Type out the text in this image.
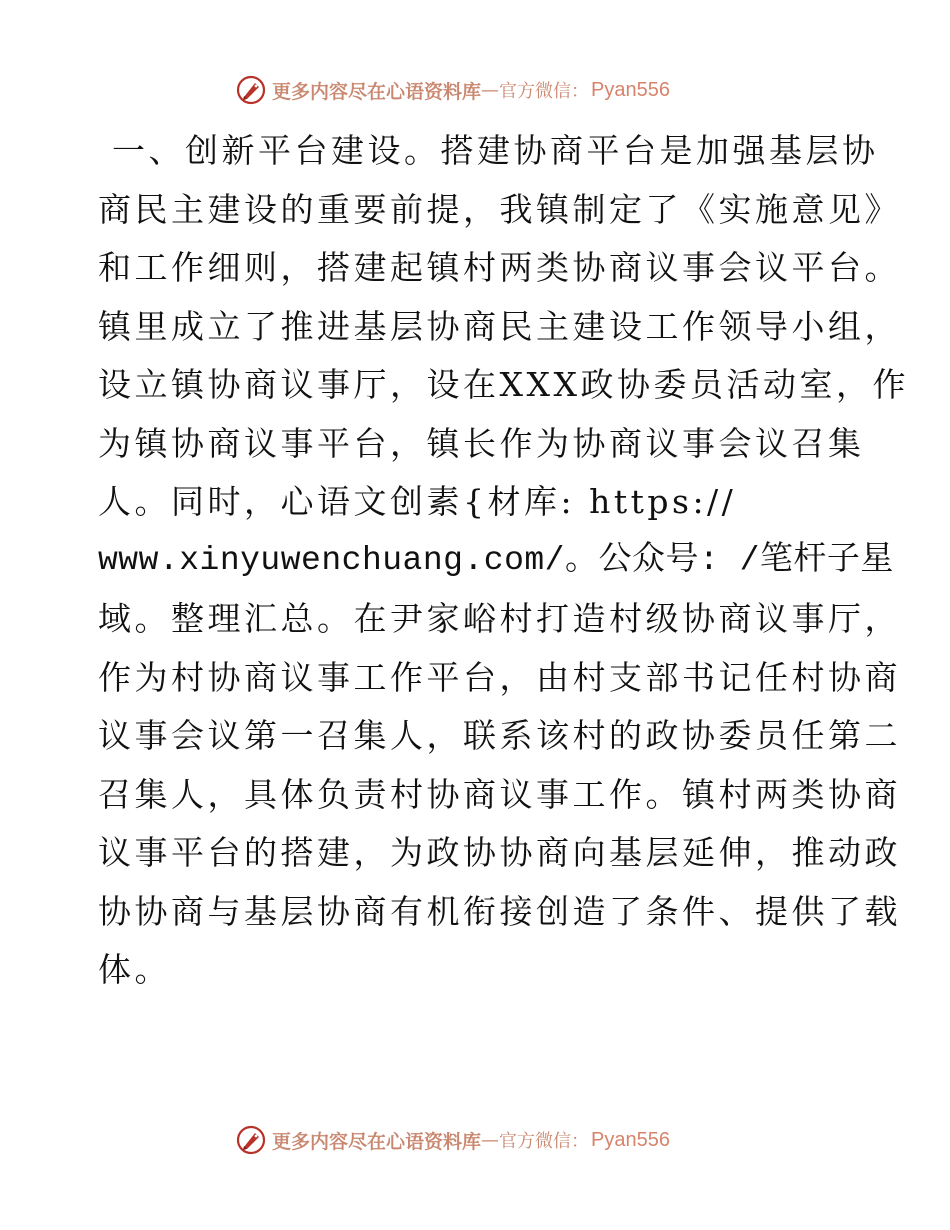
更多内容尽在心语资料库 — 官方微信： Pyan556
一、创新平台建设。搭建协商平台是加强基层协
商民主建设的重要前提，我镇制定了《实施意见》
和工作细则，搭建起镇村两类协商议事会议平台。
镇里成立了推进基层协商民主建设工作领导小组，
设立镇协商议事厅，设在XXX政协委员活动室，作
为镇协商议事平台，镇长作为协商议事会议召集
人。同时，心语文创素{材库: https://
www.xinyuwenchuang.com/。公众号: /笔杆子星
域。整理汇总。在尹家峪村打造村级协商议事厅，
作为村协商议事工作平台，由村支部书记任村协商
议事会议第一召集人，联系该村的政协委员任第二
召集人，具体负责村协商议事工作。镇村两类协商
议事平台的搭建，为政协协商向基层延伸，推动政
协协商与基层协商有机衔接创造了条件、提供了载
体。
更多内容尽在心语资料库 — 官方微信： Pyan556
